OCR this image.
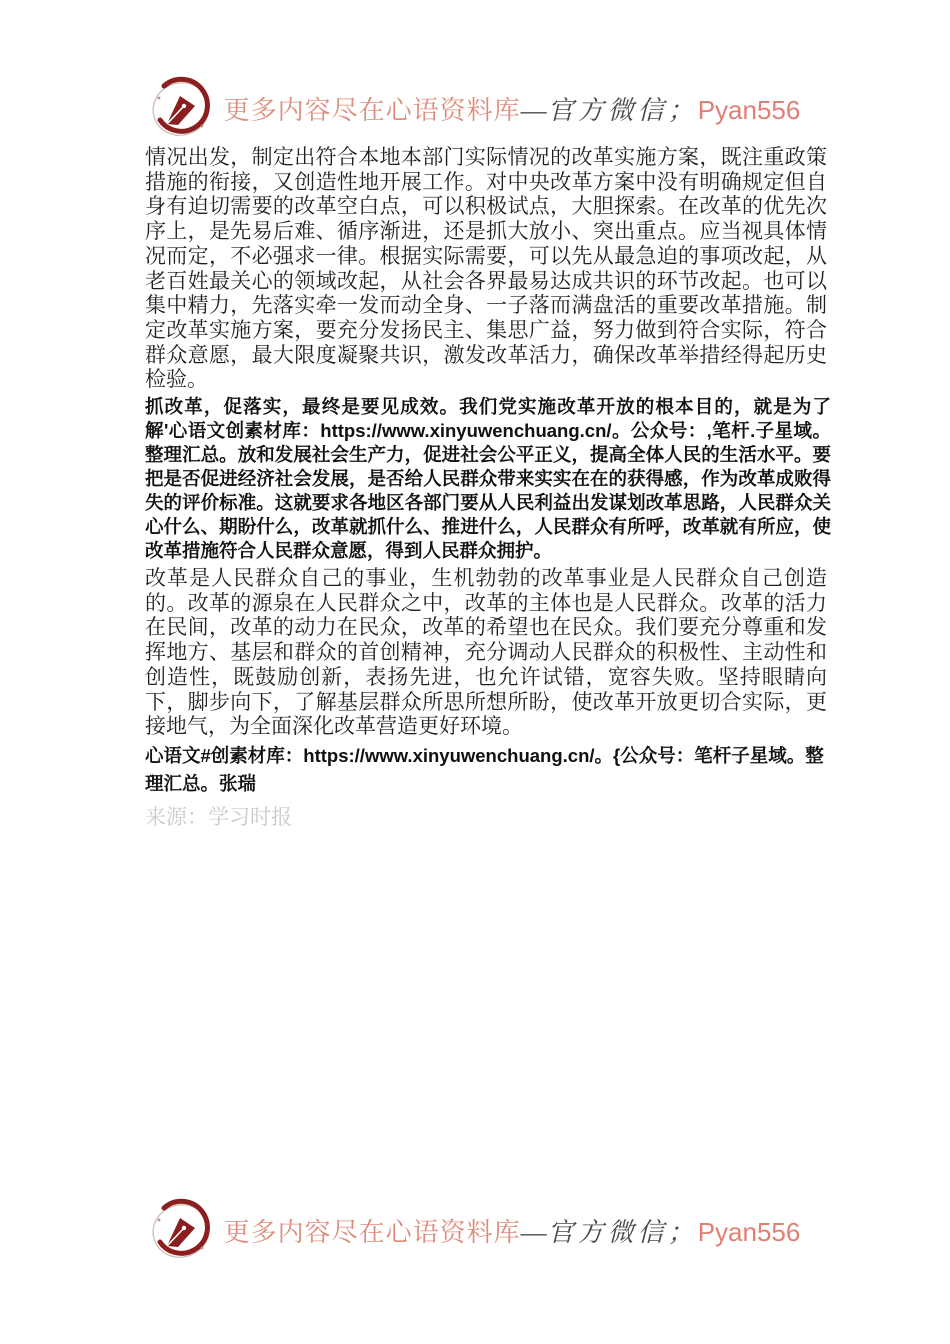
更多内容尽在心语资料库—官方微信；Pyan556

情况出发，制定出符合本地本部门实际情况的改革实施方案，既注重政策措施的衔接，又创造性地开展工作。对中央改革方案中没有明确规定但自身有迫切需要的改革空白点，可以积极试点，大胆探索。在改革的优先次序上，是先易后难、循序渐进，还是抓大放小、突出重点。应当视具体情况而定，不必强求一律。根据实际需要，可以先从最急迫的事项改起，从老百姓最关心的领域改起，从社会各界最易达成共识的环节改起。也可以集中精力，先落实牵一发而动全身、一子落而满盘活的重要改革措施。制定改革实施方案，要充分发扬民主、集思广益，努力做到符合实际，符合群众意愿，最大限度凝聚共识，激发改革活力，确保改革举措经得起历史检验。

抓改革，促落实，最终是要见成效。我们党实施改革开放的根本目的，就是为了解'心语文创素材库：https://www.xinyuwenchuang.cn/。公众号：,笔杆.子星域。整理汇总。放和发展社会生产力，促进社会公平正义，提高全体人民的生活水平。要把是否促进经济社会发展，是否给人民群众带来实实在在的获得感，作为改革成败得失的评价标准。这就要求各地区各部门要从人民利益出发谋划改革思路，人民群众关心什么、期盼什么，改革就抓什么、推进什么，人民群众有所呼，改革就有所应，使改革措施符合人民群众意愿，得到人民群众拥护。

改革是人民群众自己的事业，生机勃勃的改革事业是人民群众自己创造的。改革的源泉在人民群众之中，改革的主体也是人民群众。改革的活力在民间，改革的动力在民众，改革的希望也在民众。我们要充分尊重和发挥地方、基层和群众的首创精神，充分调动人民群众的积极性、主动性和创造性，既鼓励创新，表扬先进，也允许试错，宽容失败。坚持眼睛向下，脚步向下，了解基层群众所思所想所盼，使改革开放更切合实际，更接地气，为全面深化改革营造更好环境。

心语文#创素材库：https://www.xinyuwenchuang.cn/。{公众号：笔杆子星域。整理汇总。张瑞

来源：学习时报

更多内容尽在心语资料库—官方微信；Pyan556
